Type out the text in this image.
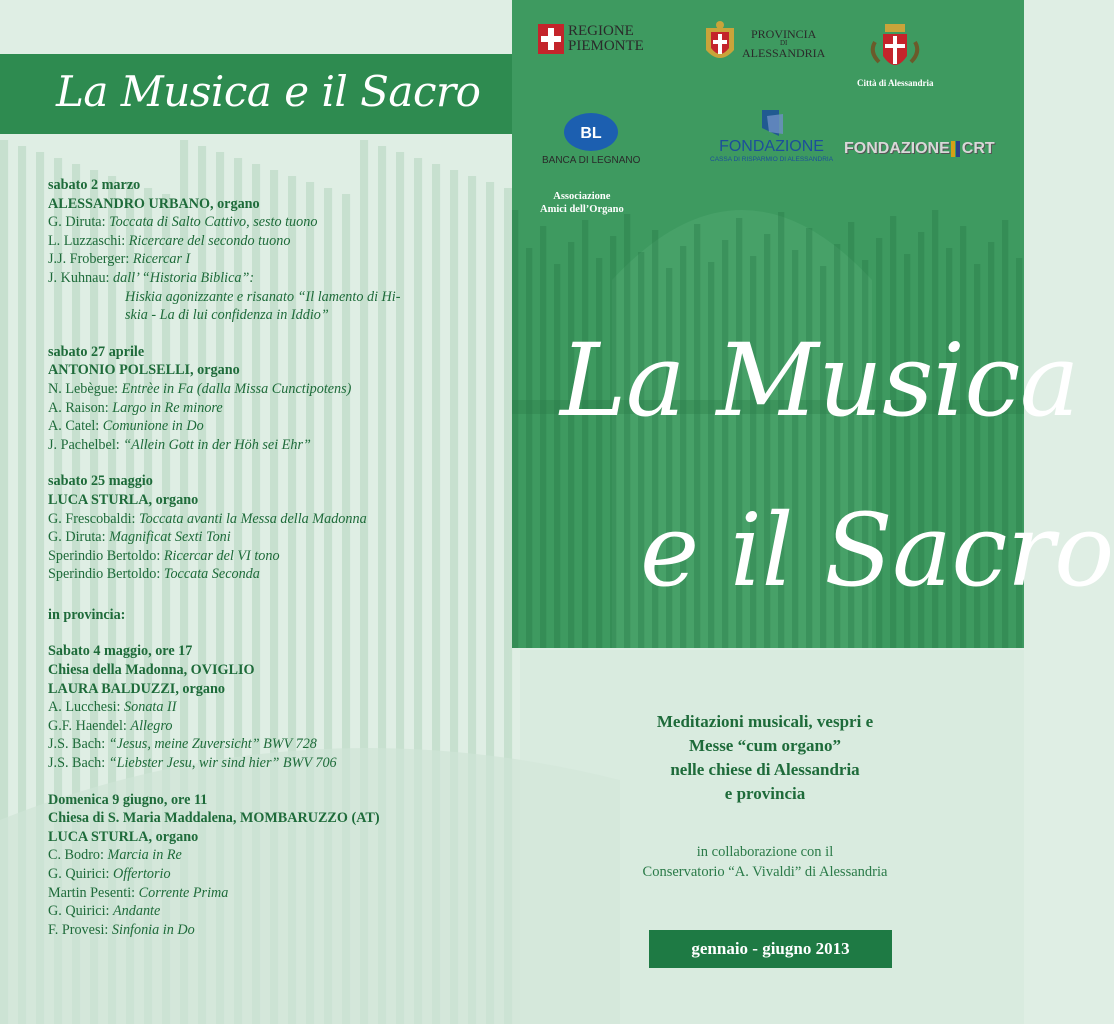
La Musica e il Sacro
REGIONE
PIEMONTE
PROVINCIA
DI
ALESSANDRIA
Città di Alessandria
BL
BANCA DI LEGNANO
FONDAZIONE
CASSA DI RISPARMIO DI ALESSANDRIA
FONDAZIONE CRT
Associazione
Amici dell’Organo
La Musica
e il Sacro
sabato 2 marzo
ALESSANDRO URBANO, organo
G. Diruta: Toccata di Salto Cattivo, sesto tuono
L. Luzzaschi: Ricercare del secondo tuono
J.J. Froberger: Ricercar I
J. Kuhnau: dall’ “Historia Biblica”:
Hiskia agonizzante e risanato “Il lamento di Hi-
skia - La di lui confidenza in Iddio”
sabato 27 aprile
ANTONIO POLSELLI, organo
N. Lebègue: Entrèe in Fa (dalla Missa Cunctipotens)
A. Raison: Largo in Re minore
A. Catel: Comunione in Do
J. Pachelbel: “Allein Gott in der Höh sei Ehr”
sabato 25 maggio
LUCA STURLA, organo
G. Frescobaldi: Toccata avanti la Messa della Madonna
G. Diruta: Magnificat Sexti Toni
Sperindio Bertoldo: Ricercar del VI tono
Sperindio Bertoldo: Toccata Seconda
in provincia:
Sabato 4 maggio, ore 17
Chiesa della Madonna, OVIGLIO
LAURA BALDUZZI, organo
A. Lucchesi: Sonata II
G.F. Haendel: Allegro
J.S. Bach: “Jesus, meine Zuversicht” BWV 728
J.S. Bach: “Liebster Jesu, wir sind hier” BWV 706
Domenica 9 giugno, ore 11
Chiesa di S. Maria Maddalena, MOMBARUZZO (AT)
LUCA STURLA, organo
C. Bodro: Marcia in Re
G. Quirici: Offertorio
Martin Pesenti: Corrente Prima
G. Quirici: Andante
F. Provesi: Sinfonia in Do
Meditazioni musicali, vespri e
Messe “cum organo”
nelle chiese di Alessandria
e provincia
in collaborazione con il
Conservatorio “A. Vivaldi” di Alessandria
gennaio - giugno 2013
